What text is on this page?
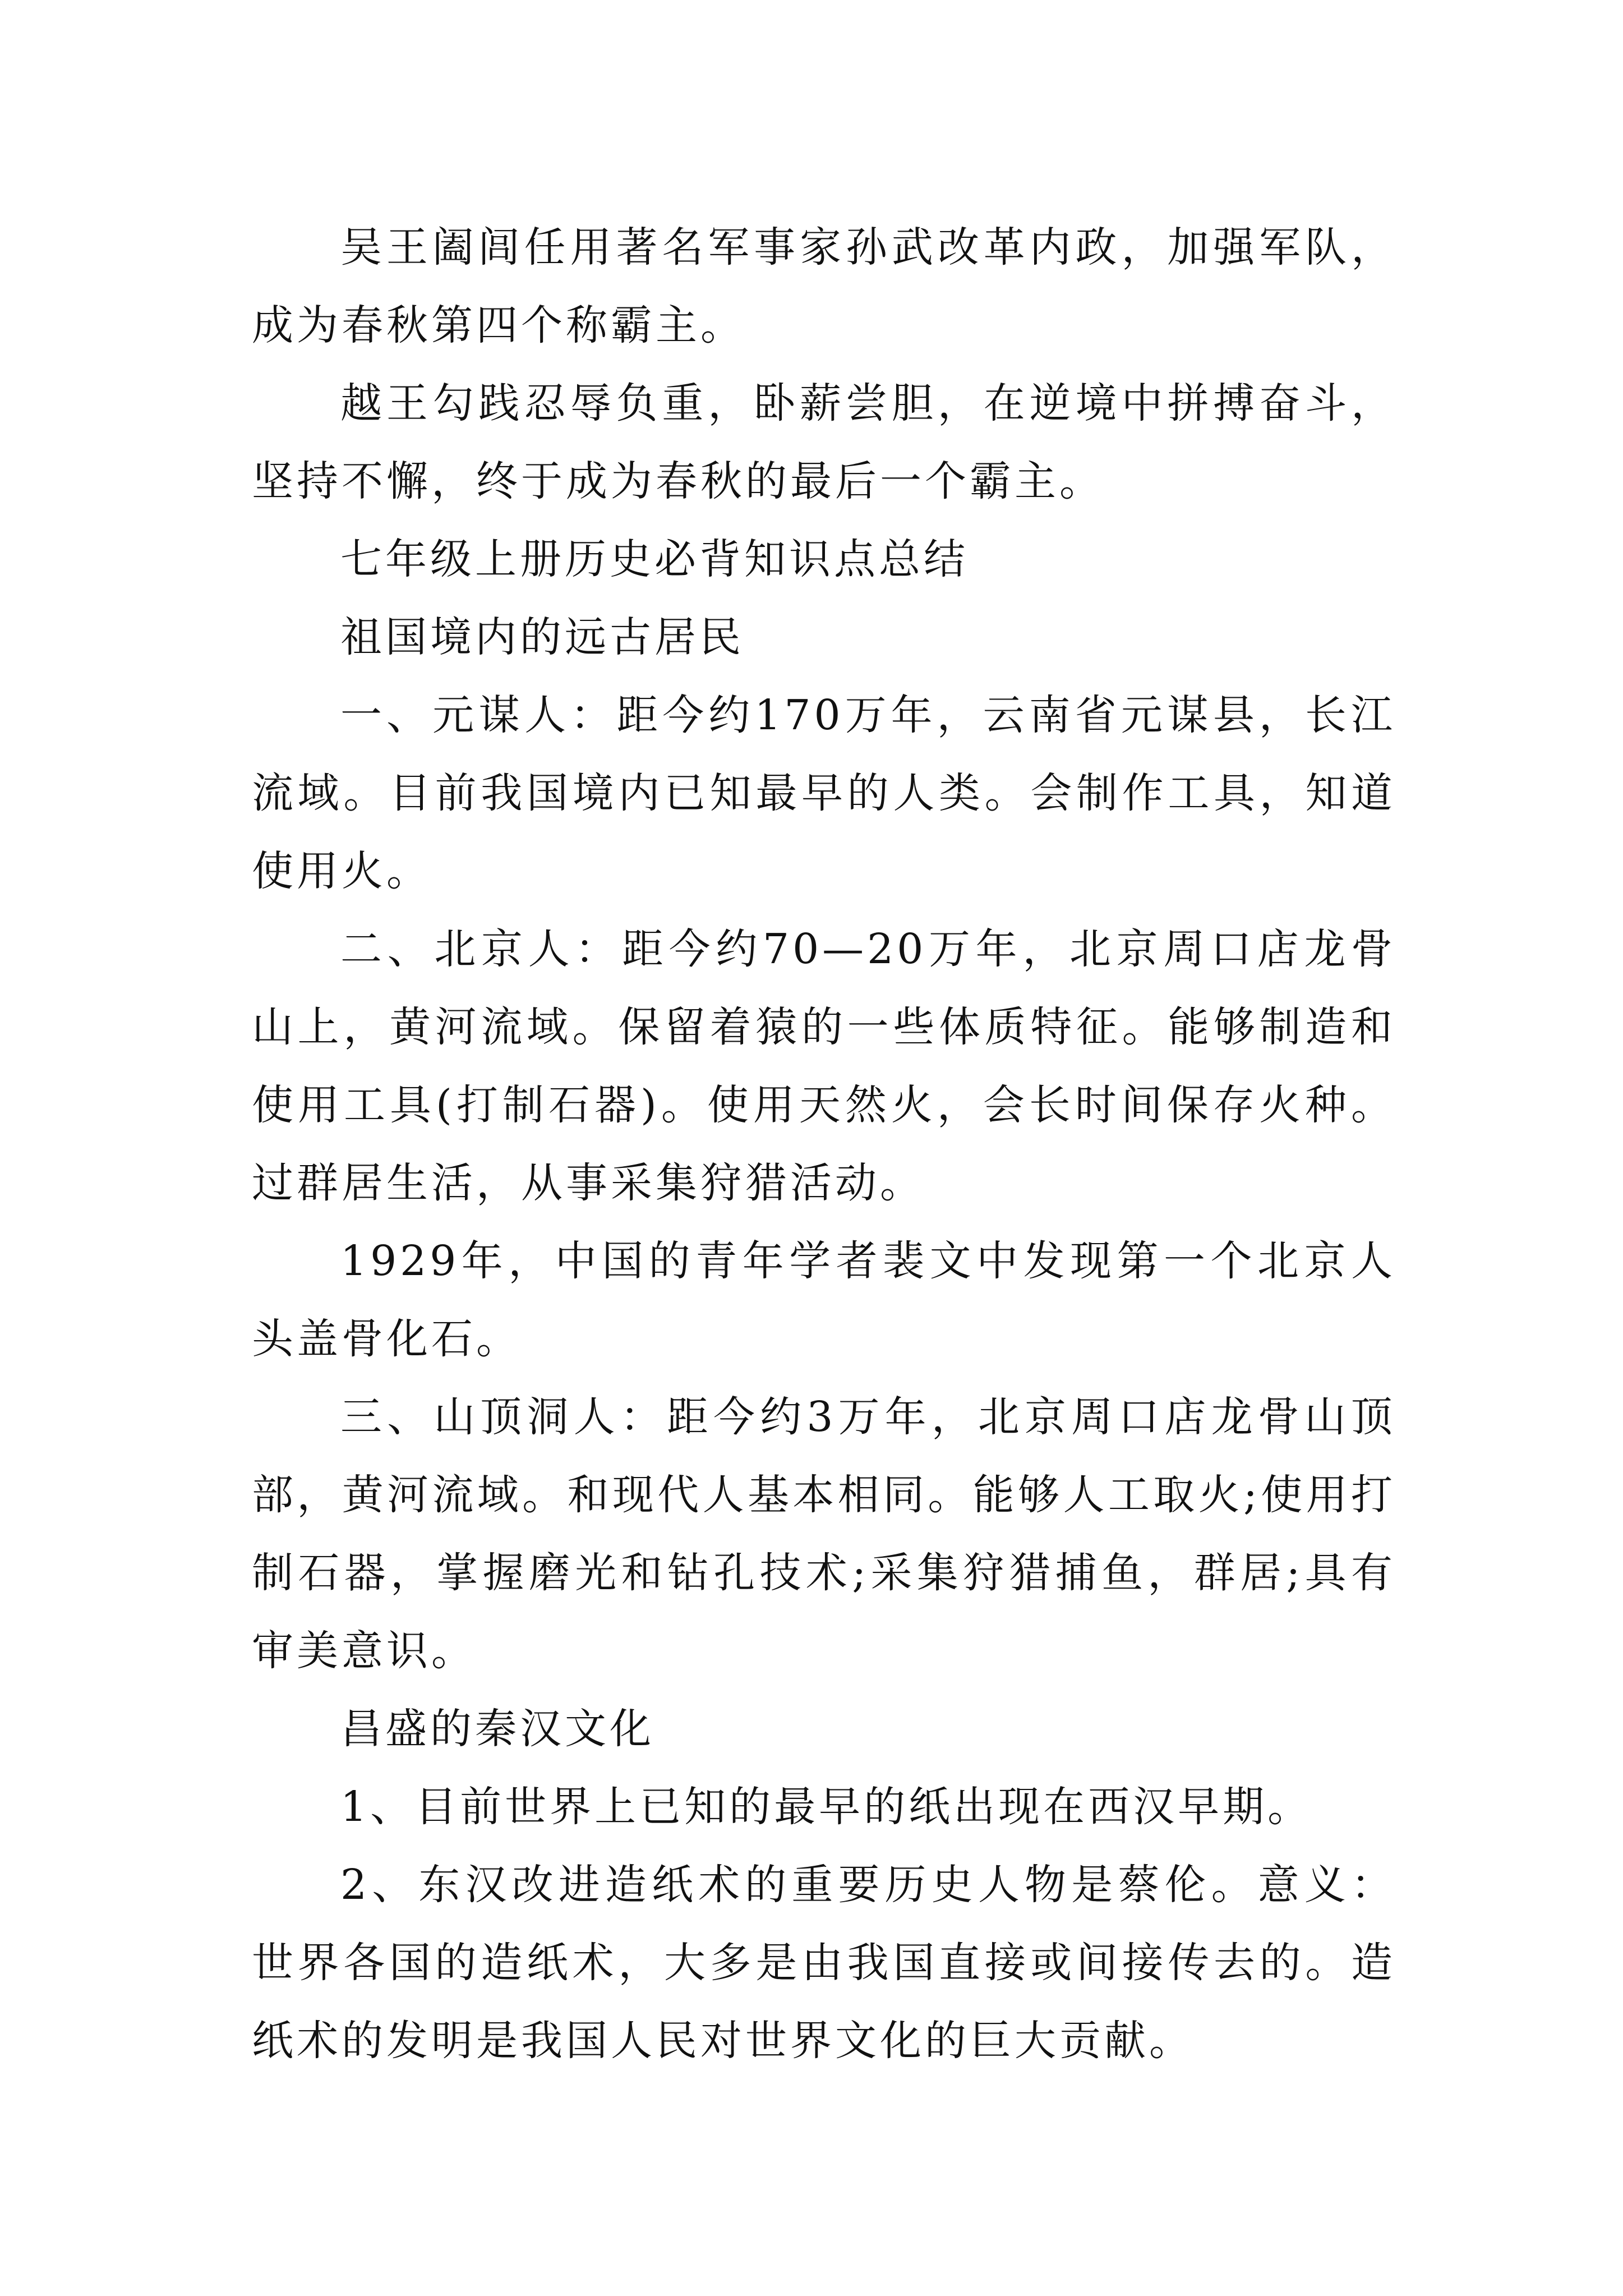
吴王阖闾任用著名军事家孙武改革内政，加强军队，成为春秋第四个称霸主。

越王勾践忍辱负重，卧薪尝胆，在逆境中拼搏奋斗，坚持不懈，终于成为春秋的最后一个霸主。

七年级上册历史必背知识点总结

祖国境内的远古居民

一、元谋人：距今约170万年，云南省元谋县，长江流域。目前我国境内已知最早的人类。会制作工具，知道使用火。

二、北京人：距今约70—20万年，北京周口店龙骨山上，黄河流域。保留着猿的一些体质特征。能够制造和使用工具(打制石器)。使用天然火，会长时间保存火种。过群居生活，从事采集狩猎活动。

1929年，中国的青年学者裴文中发现第一个北京人头盖骨化石。

三、山顶洞人：距今约3万年，北京周口店龙骨山顶部，黄河流域。和现代人基本相同。能够人工取火;使用打制石器，掌握磨光和钻孔技术;采集狩猎捕鱼，群居;具有审美意识。

昌盛的秦汉文化

1、目前世界上已知的最早的纸出现在西汉早期。

2、东汉改进造纸术的重要历史人物是蔡伦。意义：世界各国的造纸术，大多是由我国直接或间接传去的。造纸术的发明是我国人民对世界文化的巨大贡献。
